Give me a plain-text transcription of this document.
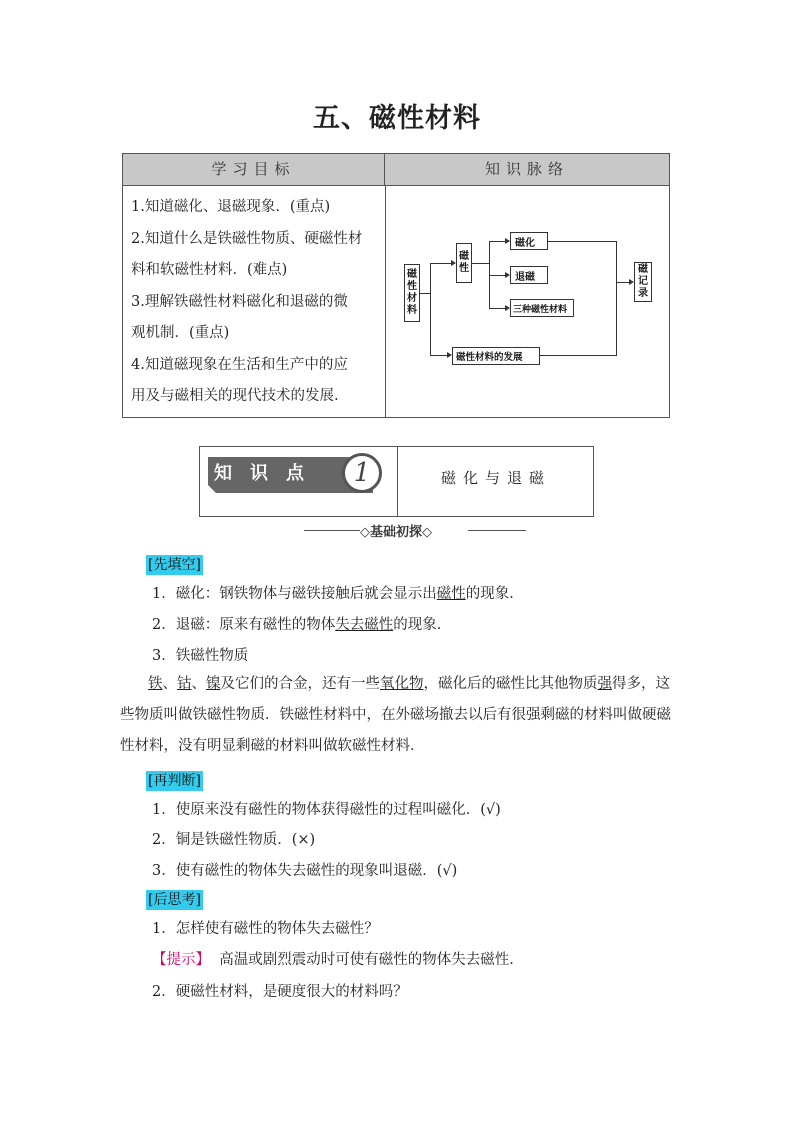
五、磁性材料
学习目标	知识脉络

1.知道磁化、退磁现象．(重点)

2.知道什么是铁磁性物质、硬磁性材

料和软磁性材料．(难点)

3.理解铁磁性材料磁化和退磁的微

观机制．(重点)

4.知道磁现象在生活和生产中的应

用及与磁相关的现代技术的发展.

磁
性
材
料
磁
性
磁化
退磁
三种磁性材料
磁性材料的发展
磁
记
录
知识点	1	磁化与退磁
◇基础初探◇
[先填空]
1．磁化：钢铁物体与磁铁接触后就会显示出磁性的现象．
2．退磁：原来有磁性的物体失去磁性的现象．
3．铁磁性物质
铁、钴、镍及它们的合金，还有一些氧化物，磁化后的磁性比其他物质强得多，这些物质叫做铁磁性物质．铁磁性材料中，在外磁场撤去以后有很强剩磁的材料叫做硬磁性材料，没有明显剩磁的材料叫做软磁性材料．
[再判断]
1．使原来没有磁性的物体获得磁性的过程叫磁化．(√)
2．铜是铁磁性物质．(×)
3．使有磁性的物体失去磁性的现象叫退磁．(√)
[后思考]
1．怎样使有磁性的物体失去磁性？
【提示】 高温或剧烈震动时可使有磁性的物体失去磁性．
2．硬磁性材料，是硬度很大的材料吗？
